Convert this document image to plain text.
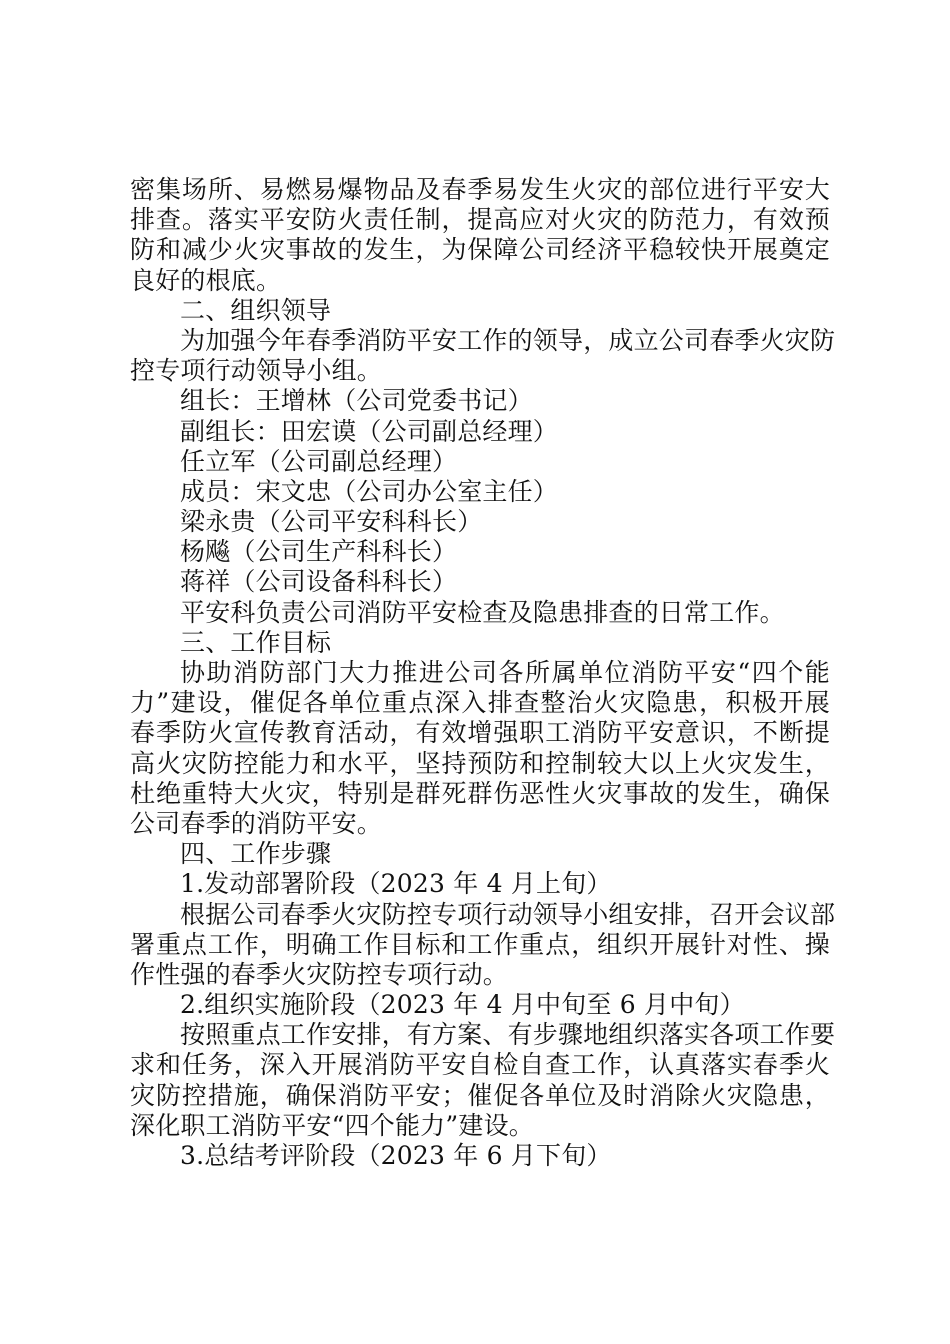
密集场所、易燃易爆物品及春季易发生火灾的部位进行平安大
排查。落实平安防火责任制，提高应对火灾的防范力，有效预
防和减少火灾事故的发生，为保障公司经济平稳较快开展奠定
良好的根底。
二、组织领导
为加强今年春季消防平安工作的领导，成立公司春季火灾防
控专项行动领导小组。
组长：王增林（公司党委书记）
副组长：田宏谟（公司副总经理）
任立军（公司副总经理）
成员：宋文忠（公司办公室主任）
梁永贵（公司平安科科长）
杨飚（公司生产科科长）
蒋祥（公司设备科科长）
平安科负责公司消防平安检查及隐患排查的日常工作。
三、工作目标
协助消防部门大力推进公司各所属单位消防平安“四个能
力”建设，催促各单位重点深入排查整治火灾隐患，积极开展
春季防火宣传教育活动，有效增强职工消防平安意识，不断提
高火灾防控能力和水平，坚持预防和控制较大以上火灾发生，
杜绝重特大火灾，特别是群死群伤恶性火灾事故的发生，确保
公司春季的消防平安。
四、工作步骤
1.发动部署阶段（2023 年 4 月上旬）
根据公司春季火灾防控专项行动领导小组安排，召开会议部
署重点工作，明确工作目标和工作重点，组织开展针对性、操
作性强的春季火灾防控专项行动。
2.组织实施阶段（2023 年 4 月中旬至 6 月中旬）
按照重点工作安排，有方案、有步骤地组织落实各项工作要
求和任务，深入开展消防平安自检自查工作，认真落实春季火
灾防控措施，确保消防平安；催促各单位及时消除火灾隐患，
深化职工消防平安“四个能力”建设。
3.总结考评阶段（2023 年 6 月下旬）
